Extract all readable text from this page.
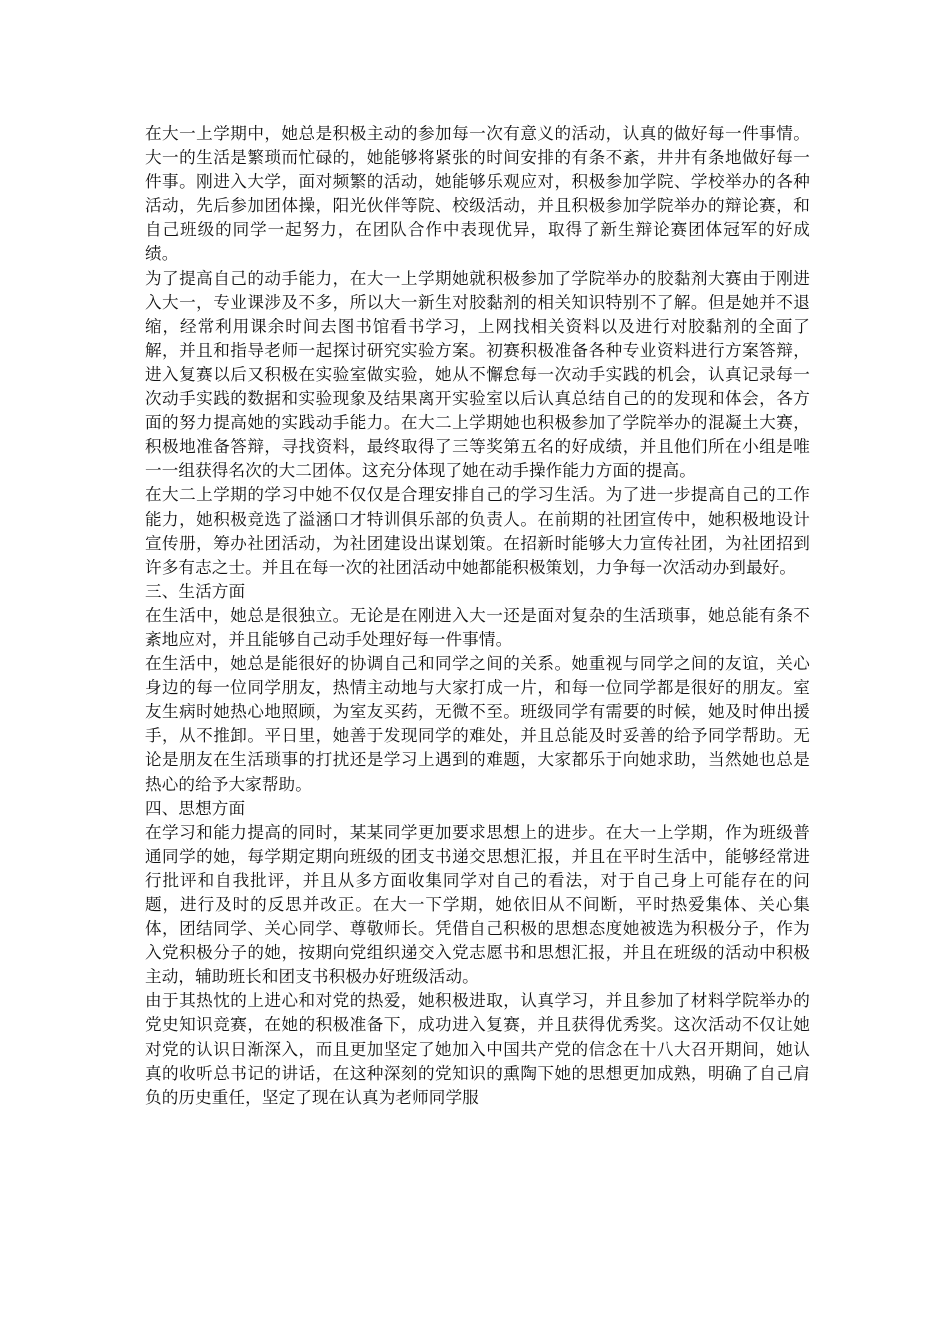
在大一上学期中，她总是积极主动的参加每一次有意义的活动，认真的做好每一件事情。大一的生活是繁琐而忙碌的，她能够将紧张的时间安排的有条不紊，井井有条地做好每一件事。刚进入大学，面对频繁的活动，她能够乐观应对，积极参加学院、学校举办的各种活动，先后参加团体操，阳光伙伴等院、校级活动，并且积极参加学院举办的辩论赛，和自己班级的同学一起努力，在团队合作中表现优异，取得了新生辩论赛团体冠军的好成绩。

为了提高自己的动手能力，在大一上学期她就积极参加了学院举办的胶黏剂大赛由于刚进入大一，专业课涉及不多，所以大一新生对胶黏剂的相关知识特别不了解。但是她并不退缩，经常利用课余时间去图书馆看书学习，上网找相关资料以及进行对胶黏剂的全面了解，并且和指导老师一起探讨研究实验方案。初赛积极准备各种专业资料进行方案答辩，进入复赛以后又积极在实验室做实验，她从不懈怠每一次动手实践的机会，认真记录每一次动手实践的数据和实验现象及结果离开实验室以后认真总结自己的的发现和体会，各方面的努力提高她的实践动手能力。在大二上学期她也积极参加了学院举办的混凝土大赛，积极地准备答辩，寻找资料，最终取得了三等奖第五名的好成绩，并且他们所在小组是唯一一组获得名次的大二团体。这充分体现了她在动手操作能力方面的提高。

在大二上学期的学习中她不仅仅是合理安排自己的学习生活。为了进一步提高自己的工作能力，她积极竞选了溢涵口才特训俱乐部的负责人。在前期的社团宣传中，她积极地设计宣传册，筹办社团活动，为社团建设出谋划策。在招新时能够大力宣传社团，为社团招到许多有志之士。并且在每一次的社团活动中她都能积极策划，力争每一次活动办到最好。

三、生活方面

在生活中，她总是很独立。无论是在刚进入大一还是面对复杂的生活琐事，她总能有条不紊地应对，并且能够自己动手处理好每一件事情。

在生活中，她总是能很好的协调自己和同学之间的关系。她重视与同学之间的友谊，关心身边的每一位同学朋友，热情主动地与大家打成一片，和每一位同学都是很好的朋友。室友生病时她热心地照顾，为室友买药，无微不至。班级同学有需要的时候，她及时伸出援手，从不推卸。平日里，她善于发现同学的难处，并且总能及时妥善的给予同学帮助。无论是朋友在生活琐事的打扰还是学习上遇到的难题，大家都乐于向她求助，当然她也总是热心的给予大家帮助。

四、思想方面

在学习和能力提高的同时，某某同学更加要求思想上的进步。在大一上学期，作为班级普通同学的她，每学期定期向班级的团支书递交思想汇报，并且在平时生活中，能够经常进行批评和自我批评，并且从多方面收集同学对自己的看法，对于自己身上可能存在的问题，进行及时的反思并改正。在大一下学期，她依旧从不间断，平时热爱集体、关心集体，团结同学、关心同学、尊敬师长。凭借自己积极的思想态度她被选为积极分子，作为入党积极分子的她，按期向党组织递交入党志愿书和思想汇报，并且在班级的活动中积极主动，辅助班长和团支书积极办好班级活动。

由于其热忱的上进心和对党的热爱，她积极进取，认真学习，并且参加了材料学院举办的党史知识竞赛，在她的积极准备下，成功进入复赛，并且获得优秀奖。这次活动不仅让她对党的认识日渐深入，而且更加坚定了她加入中国共产党的信念在十八大召开期间，她认真的收听总书记的讲话，在这种深刻的党知识的熏陶下她的思想更加成熟，明确了自己肩负的历史重任，坚定了现在认真为老师同学服
